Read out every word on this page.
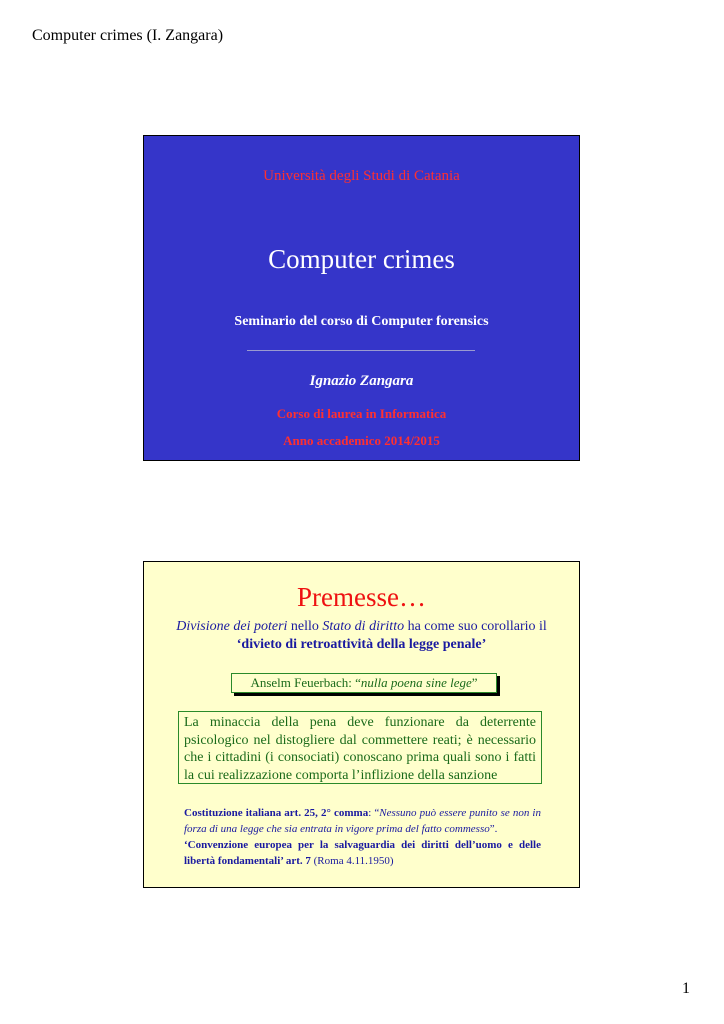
Computer crimes (I. Zangara)
Università degli Studi di Catania
Computer crimes
Seminario del corso di Computer forensics
Ignazio Zangara
Corso di laurea in Informatica
Anno accademico 2014/2015
Premesse…
Divisione dei poteri nello Stato di diritto ha come suo corollario il
‘divieto di retroattività della legge penale’
Anselm Feuerbach: “nulla poena sine lege”
La minaccia della pena deve funzionare da deterrente psicologico nel distogliere dal commettere reati; è necessario che i cittadini (i consociati) conoscano prima quali sono i fatti la cui realizzazione comporta l’inflizione della sanzione
Costituzione italiana art. 25, 2° comma: “Nessuno può essere punito se non in forza di una legge che sia entrata in vigore prima del fatto commesso”.
‘Convenzione europea per la salvaguardia dei diritti dell’uomo e delle libertà fondamentali’ art. 7 (Roma 4.11.1950)
1
